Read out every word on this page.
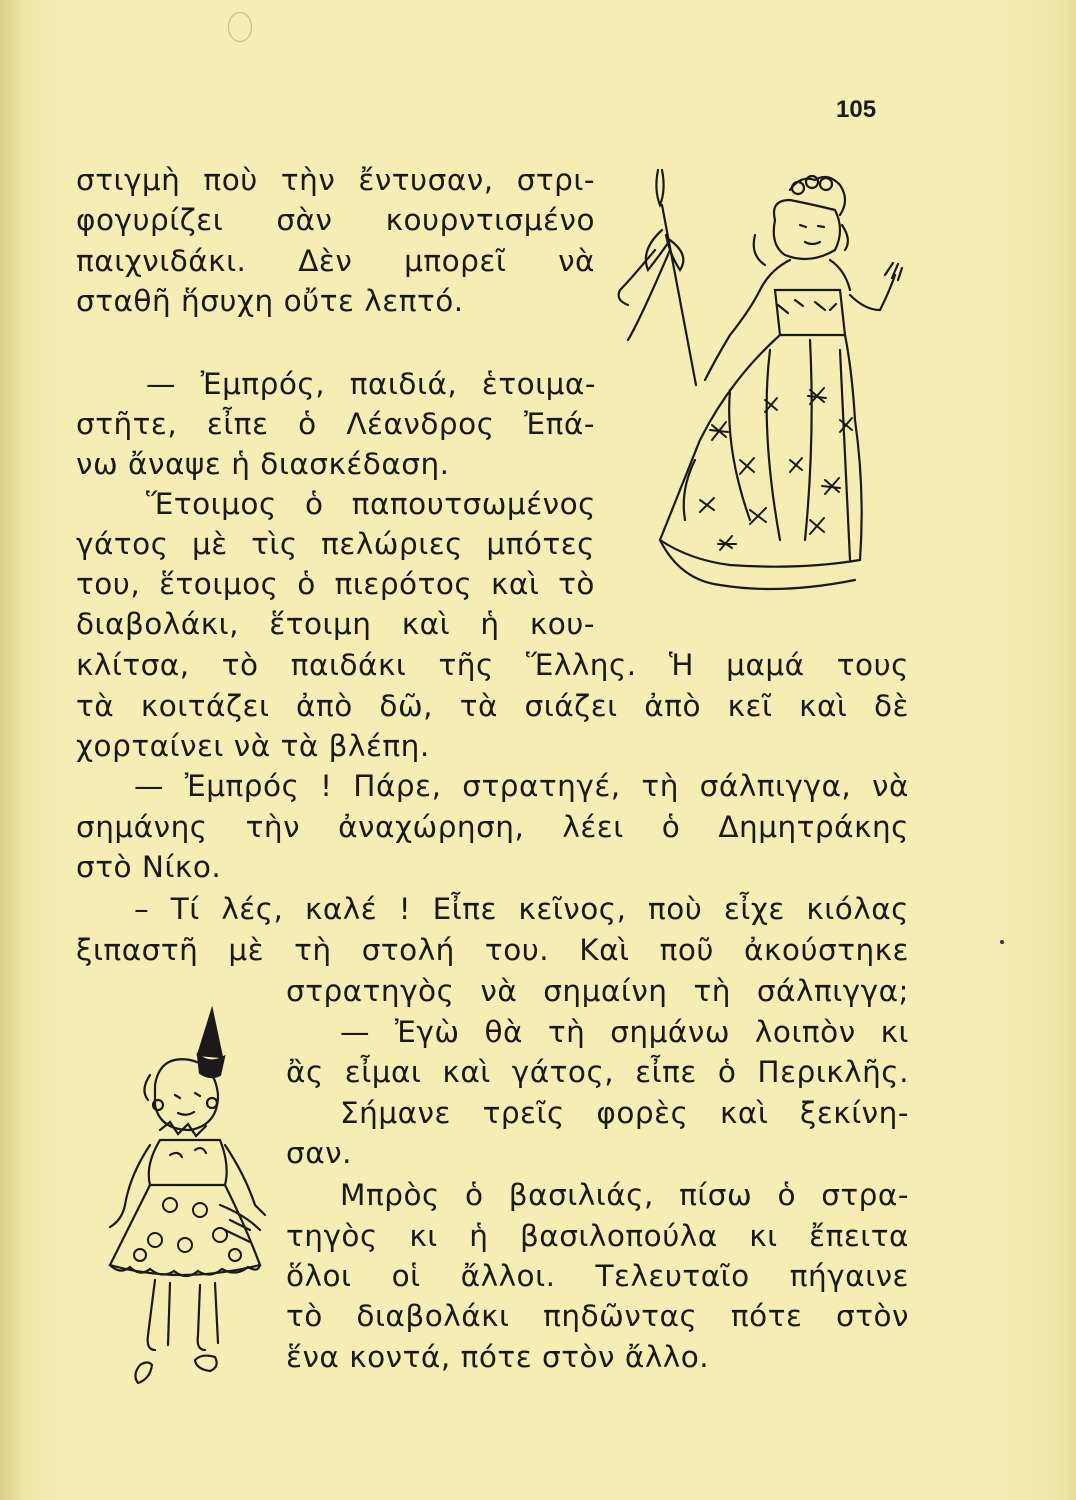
105
στιγμὴ ποὺ τὴν ἔντυσαν, στρι-
φογυρίζει σὰν κουρντισμένο
παιχνιδάκι. Δὲν μπορεῖ νὰ
σταθῆ ἥσυχη οὔτε λεπτό.
— Ἐμπρός, παιδιά, ἑτοιμα-
στῆτε, εἶπε ὁ Λέανδρος Ἐπά-
νω ἄναψε ἡ διασκέδαση.
Ἕτοιμος ὁ παπουτσωμένος
γάτος μὲ τὶς πελώριες μπότες
του, ἕτοιμος ὁ πιερότος καὶ τὸ
διαβολάκι, ἕτοιμη καὶ ἡ κου-
κλίτσα, τὸ παιδάκι τῆς Ἕλλης. Ἡ μαμά τους
τὰ κοιτάζει ἀπὸ δῶ, τὰ σιάζει ἀπὸ κεῖ καὶ δὲ
χορταίνει νὰ τὰ βλέπη.
— Ἐμπρός ! Πάρε, στρατηγέ, τὴ σάλπιγγα, νὰ
σημάνης τὴν ἀναχώρηση, λέει ὁ Δημητράκης
στὸ Νίκο.
– Τί λές, καλέ ! Εἶπε κεῖνος, ποὺ εἶχε κιόλας
ξιπαστῆ μὲ τὴ στολή του. Καὶ ποῦ ἀκούστηκε
στρατηγὸς νὰ σημαίνη τὴ σάλπιγγα;
— Ἐγὼ θὰ τὴ σημάνω λοιπὸν κι
ἂς εἶμαι καὶ γάτος, εἶπε ὁ Περικλῆς.
Σήμανε τρεῖς φορὲς καὶ ξεκίνη-
σαν.
Μπρὸς ὁ βασιλιάς, πίσω ὁ στρα-
τηγὸς κι ἡ βασιλοπούλα κι ἔπειτα
ὅλοι οἱ ἄλλοι. Τελευταῖο πήγαινε
τὸ διαβολάκι πηδῶντας πότε στὸν
ἕνα κοντά, πότε στὸν ἄλλο.
